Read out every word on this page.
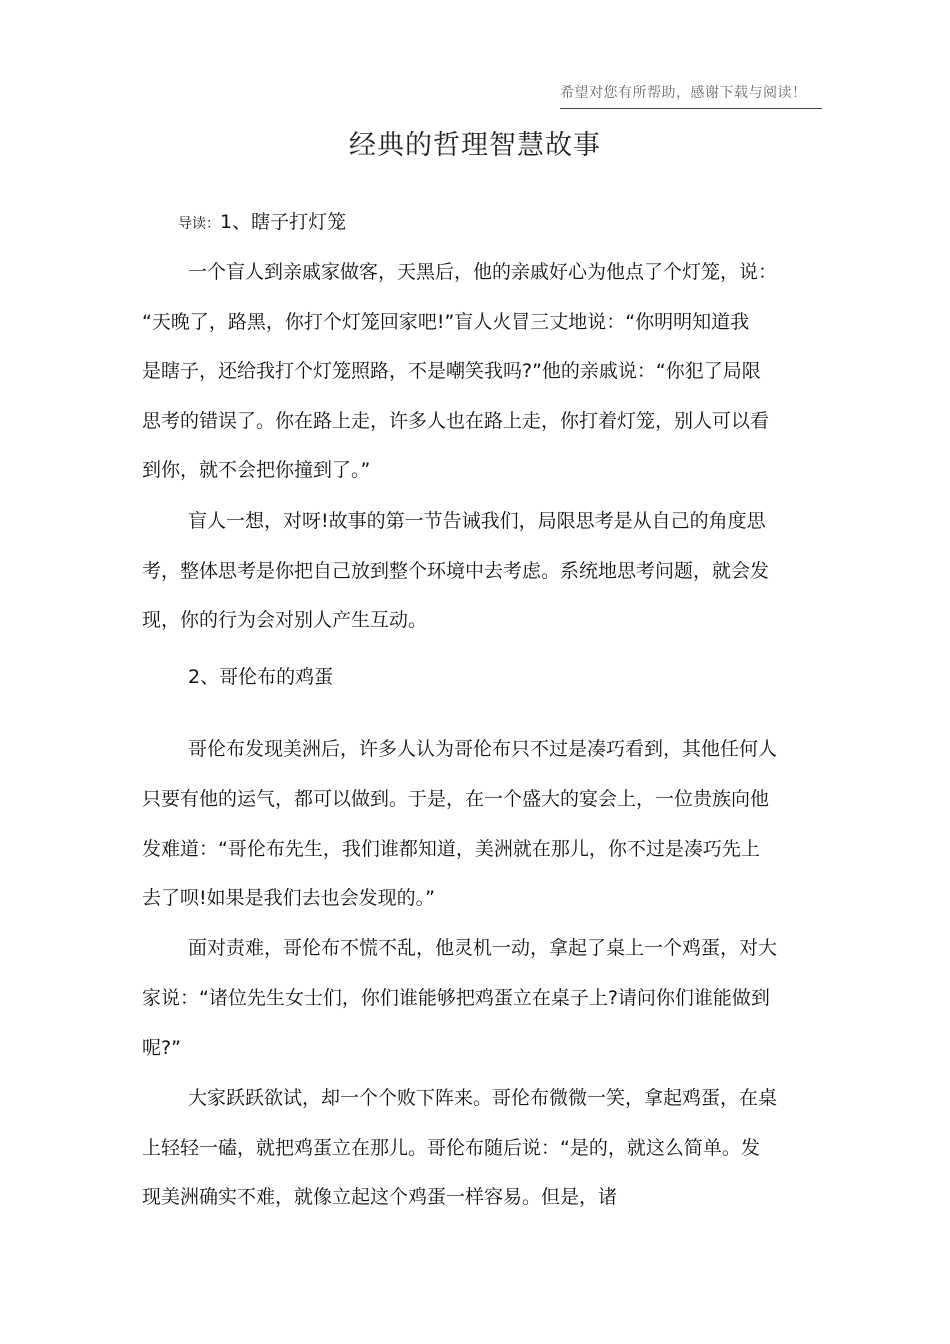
希望对您有所帮助，感谢下载与阅读！
经典的哲理智慧故事
导读：1、瞎子打灯笼
一个盲人到亲戚家做客，天黑后，他的亲戚好心为他点了个灯笼，说：
“天晚了，路黑，你打个灯笼回家吧!”盲人火冒三丈地说：“你明明知道我
是瞎子，还给我打个灯笼照路，不是嘲笑我吗?”他的亲戚说：“你犯了局限
思考的错误了。你在路上走，许多人也在路上走，你打着灯笼，别人可以看
到你，就不会把你撞到了。”
盲人一想，对呀!故事的第一节告诫我们，局限思考是从自己的角度思
考，整体思考是你把自己放到整个环境中去考虑。系统地思考问题，就会发
现，你的行为会对别人产生互动。
2、哥伦布的鸡蛋
哥伦布发现美洲后，许多人认为哥伦布只不过是凑巧看到，其他任何人
只要有他的运气，都可以做到。于是，在一个盛大的宴会上，一位贵族向他
发难道：“哥伦布先生，我们谁都知道，美洲就在那儿，你不过是凑巧先上
去了呗!如果是我们去也会发现的。”
面对责难，哥伦布不慌不乱，他灵机一动，拿起了桌上一个鸡蛋，对大
家说：“诸位先生女士们，你们谁能够把鸡蛋立在桌子上?请问你们谁能做到
呢?”
大家跃跃欲试，却一个个败下阵来。哥伦布微微一笑，拿起鸡蛋，在桌
上轻轻一磕，就把鸡蛋立在那儿。哥伦布随后说：“是的，就这么简单。发
现美洲确实不难，就像立起这个鸡蛋一样容易。但是，诸
